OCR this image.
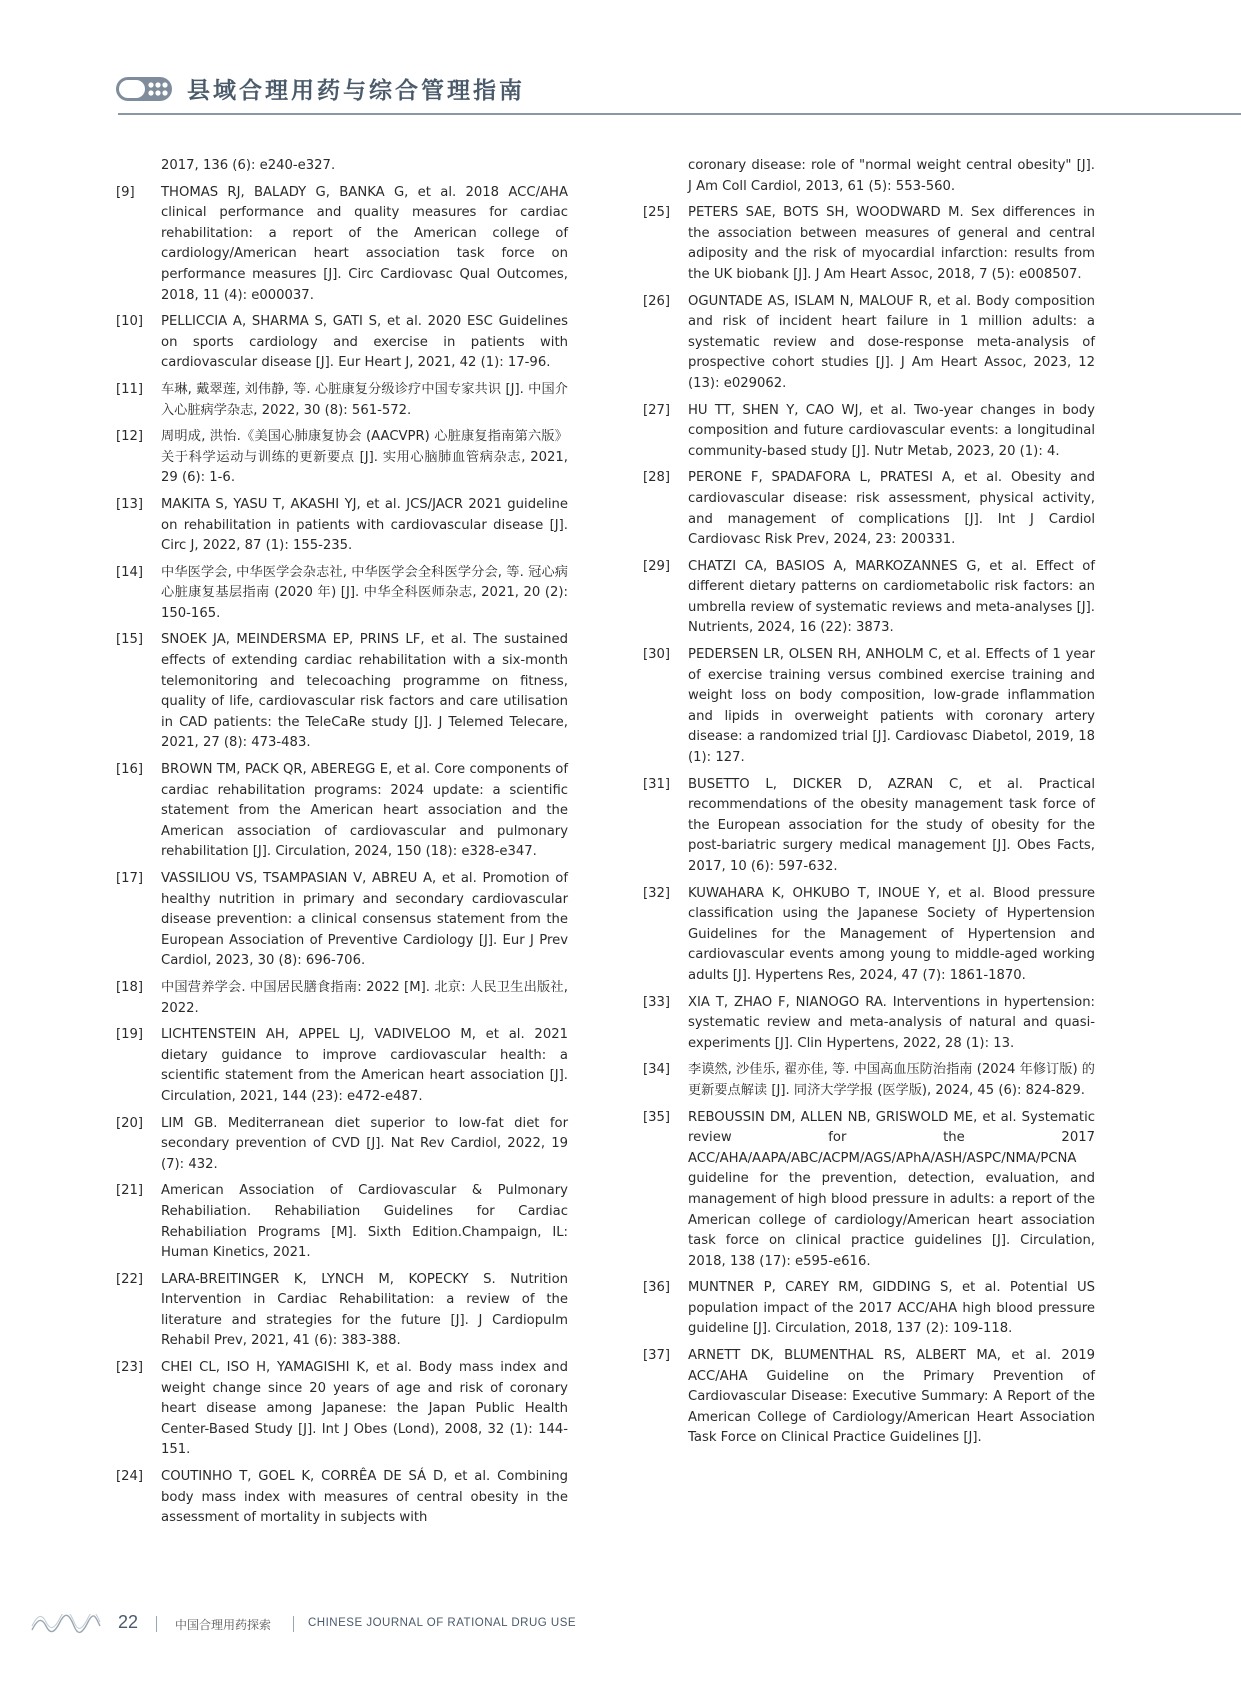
县域合理用药与综合管理指南
2017, 136 (6): e240-e327.
[9] THOMAS RJ, BALADY G, BANKA G, et al. 2018 ACC/AHA clinical performance and quality measures for cardiac rehabilitation: a report of the American college of cardiology/American heart association task force on performance measures [J]. Circ Cardiovasc Qual Outcomes, 2018, 11 (4): e000037.
[10] PELLICCIA A, SHARMA S, GATI S, et al. 2020 ESC Guidelines on sports cardiology and exercise in patients with cardiovascular disease [J]. Eur Heart J, 2021, 42 (1): 17-96.
[11] 车琳, 戴翠莲, 刘伟静, 等. 心脏康复分级诊疗中国专家共识 [J]. 中国介入心脏病学杂志, 2022, 30 (8): 561-572.
[12] 周明成, 洪怡.《美国心肺康复协会 (AACVPR) 心脏康复指南第六版》关于科学运动与训练的更新要点 [J]. 实用心脑肺血管病杂志, 2021, 29 (6): 1-6.
[13] MAKITA S, YASU T, AKASHI YJ, et al. JCS/JACR 2021 guideline on rehabilitation in patients with cardiovascular disease [J]. Circ J, 2022, 87 (1): 155-235.
[14] 中华医学会, 中华医学会杂志社, 中华医学会全科医学分会, 等. 冠心病心脏康复基层指南 (2020 年) [J]. 中华全科医师杂志, 2021, 20 (2): 150-165.
[15] SNOEK JA, MEINDERSMA EP, PRINS LF, et al. The sustained effects of extending cardiac rehabilitation with a six-month telemonitoring and telecoaching programme on fitness, quality of life, cardiovascular risk factors and care utilisation in CAD patients: the TeleCaRe study [J]. J Telemed Telecare, 2021, 27 (8): 473-483.
[16] BROWN TM, PACK QR, ABEREGG E, et al. Core components of cardiac rehabilitation programs: 2024 update: a scientific statement from the American heart association and the American association of cardiovascular and pulmonary rehabilitation [J]. Circulation, 2024, 150 (18): e328-e347.
[17] VASSILIOU VS, TSAMPASIAN V, ABREU A, et al. Promotion of healthy nutrition in primary and secondary cardiovascular disease prevention: a clinical consensus statement from the European Association of Preventive Cardiology [J]. Eur J Prev Cardiol, 2023, 30 (8): 696-706.
[18] 中国营养学会. 中国居民膳食指南: 2022 [M]. 北京: 人民卫生出版社, 2022.
[19] LICHTENSTEIN AH, APPEL LJ, VADIVELOO M, et al. 2021 dietary guidance to improve cardiovascular health: a scientific statement from the American heart association [J]. Circulation, 2021, 144 (23): e472-e487.
[20] LIM GB. Mediterranean diet superior to low-fat diet for secondary prevention of CVD [J]. Nat Rev Cardiol, 2022, 19 (7): 432.
[21] American Association of Cardiovascular & Pulmonary Rehabiliation. Rehabiliation Guidelines for Cardiac Rehabiliation Programs [M]. Sixth Edition.Champaign, IL: Human Kinetics, 2021.
[22] LARA-BREITINGER K, LYNCH M, KOPECKY S. Nutrition Intervention in Cardiac Rehabilitation: a review of the literature and strategies for the future [J]. J Cardiopulm Rehabil Prev, 2021, 41 (6): 383-388.
[23] CHEI CL, ISO H, YAMAGISHI K, et al. Body mass index and weight change since 20 years of age and risk of coronary heart disease among Japanese: the Japan Public Health Center-Based Study [J]. Int J Obes (Lond), 2008, 32 (1): 144-151.
[24] COUTINHO T, GOEL K, CORRÊA DE SÁ D, et al. Combining body mass index with measures of central obesity in the assessment of mortality in subjects with
coronary disease: role of "normal weight central obesity" [J]. J Am Coll Cardiol, 2013, 61 (5): 553-560.
[25] PETERS SAE, BOTS SH, WOODWARD M. Sex differences in the association between measures of general and central adiposity and the risk of myocardial infarction: results from the UK biobank [J]. J Am Heart Assoc, 2018, 7 (5): e008507.
[26] OGUNTADE AS, ISLAM N, MALOUF R, et al. Body composition and risk of incident heart failure in 1 million adults: a systematic review and dose-response meta-analysis of prospective cohort studies [J]. J Am Heart Assoc, 2023, 12 (13): e029062.
[27] HU TT, SHEN Y, CAO WJ, et al. Two-year changes in body composition and future cardiovascular events: a longitudinal community-based study [J]. Nutr Metab, 2023, 20 (1): 4.
[28] PERONE F, SPADAFORA L, PRATESI A, et al. Obesity and cardiovascular disease: risk assessment, physical activity, and management of complications [J]. Int J Cardiol Cardiovasc Risk Prev, 2024, 23: 200331.
[29] CHATZI CA, BASIOS A, MARKOZANNES G, et al. Effect of different dietary patterns on cardiometabolic risk factors: an umbrella review of systematic reviews and meta-analyses [J]. Nutrients, 2024, 16 (22): 3873.
[30] PEDERSEN LR, OLSEN RH, ANHOLM C, et al. Effects of 1 year of exercise training versus combined exercise training and weight loss on body composition, low-grade inflammation and lipids in overweight patients with coronary artery disease: a randomized trial [J]. Cardiovasc Diabetol, 2019, 18 (1): 127.
[31] BUSETTO L, DICKER D, AZRAN C, et al. Practical recommendations of the obesity management task force of the European association for the study of obesity for the post-bariatric surgery medical management [J]. Obes Facts, 2017, 10 (6): 597-632.
[32] KUWAHARA K, OHKUBO T, INOUE Y, et al. Blood pressure classification using the Japanese Society of Hypertension Guidelines for the Management of Hypertension and cardiovascular events among young to middle-aged working adults [J]. Hypertens Res, 2024, 47 (7): 1861-1870.
[33] XIA T, ZHAO F, NIANOGO RA. Interventions in hypertension: systematic review and meta-analysis of natural and quasi-experiments [J]. Clin Hypertens, 2022, 28 (1): 13.
[34] 李谟然, 沙佳乐, 翟亦佳, 等. 中国高血压防治指南 (2024 年修订版) 的更新要点解读 [J]. 同济大学学报 (医学版), 2024, 45 (6): 824-829.
[35] REBOUSSIN DM, ALLEN NB, GRISWOLD ME, et al. Systematic review for the 2017 ACC/AHA/AAPA/ABC/ACPM/AGS/APhA/ASH/ASPC/NMA/PCNA guideline for the prevention, detection, evaluation, and management of high blood pressure in adults: a report of the American college of cardiology/American heart association task force on clinical practice guidelines [J]. Circulation, 2018, 138 (17): e595-e616.
[36] MUNTNER P, CAREY RM, GIDDING S, et al. Potential US population impact of the 2017 ACC/AHA high blood pressure guideline [J]. Circulation, 2018, 137 (2): 109-118.
[37] ARNETT DK, BLUMENTHAL RS, ALBERT MA, et al. 2019 ACC/AHA Guideline on the Primary Prevention of Cardiovascular Disease: Executive Summary: A Report of the American College of Cardiology/American Heart Association Task Force on Clinical Practice Guidelines [J].
22	中国合理用药探索	CHINESE JOURNAL OF RATIONAL DRUG USE
